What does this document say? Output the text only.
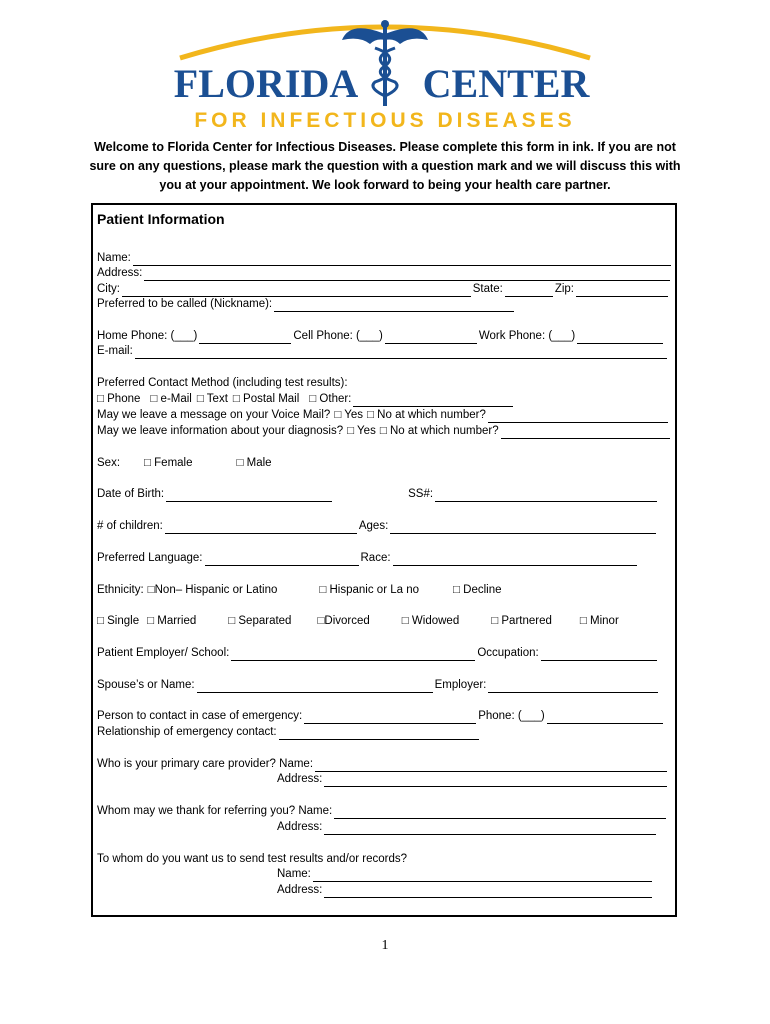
FLORIDA CENTER
FOR INFECTIOUS DISEASES
Welcome to Florida Center for Infectious Diseases. Please complete this form in ink. If you are not sure on any questions, please mark the question with a question mark and we will discuss this with you at your appointment. We look forward to being your health care partner.
Patient Information
Name:
Address:
City:	State:	Zip:
Preferred to be called (Nickname):
Home Phone: (___)	Cell Phone: (___)	Work Phone: (___)
E-mail:
Preferred Contact Method (including test results):
□ Phone □ e-Mail □ Text □ Postal Mail □ Other:
May we leave a message on your Voice Mail? □ Yes □ No at which number?
May we leave information about your diagnosis? □ Yes □ No at which number?
Sex: □ Female	□ Male
Date of Birth:	SS#:
# of children:	Ages:
Preferred Language:	Race:
Ethnicity: □Non– Hispanic or Latino	□ Hispanic or La no	□ Decline
□ Single □ Married	□ Separated □Divorced	□ Widowed	□ Partnered □ Minor
Patient Employer/ School:	Occupation:
Spouse’s or Name:	Employer:
Person to contact in case of emergency:	Phone: (___)
Relationship of emergency contact:
Who is your primary care provider? Name:
Address:
Whom may we thank for referring you? Name:
Address:
To whom do you want us to send test results and/or records?
Name:
Address:
1
